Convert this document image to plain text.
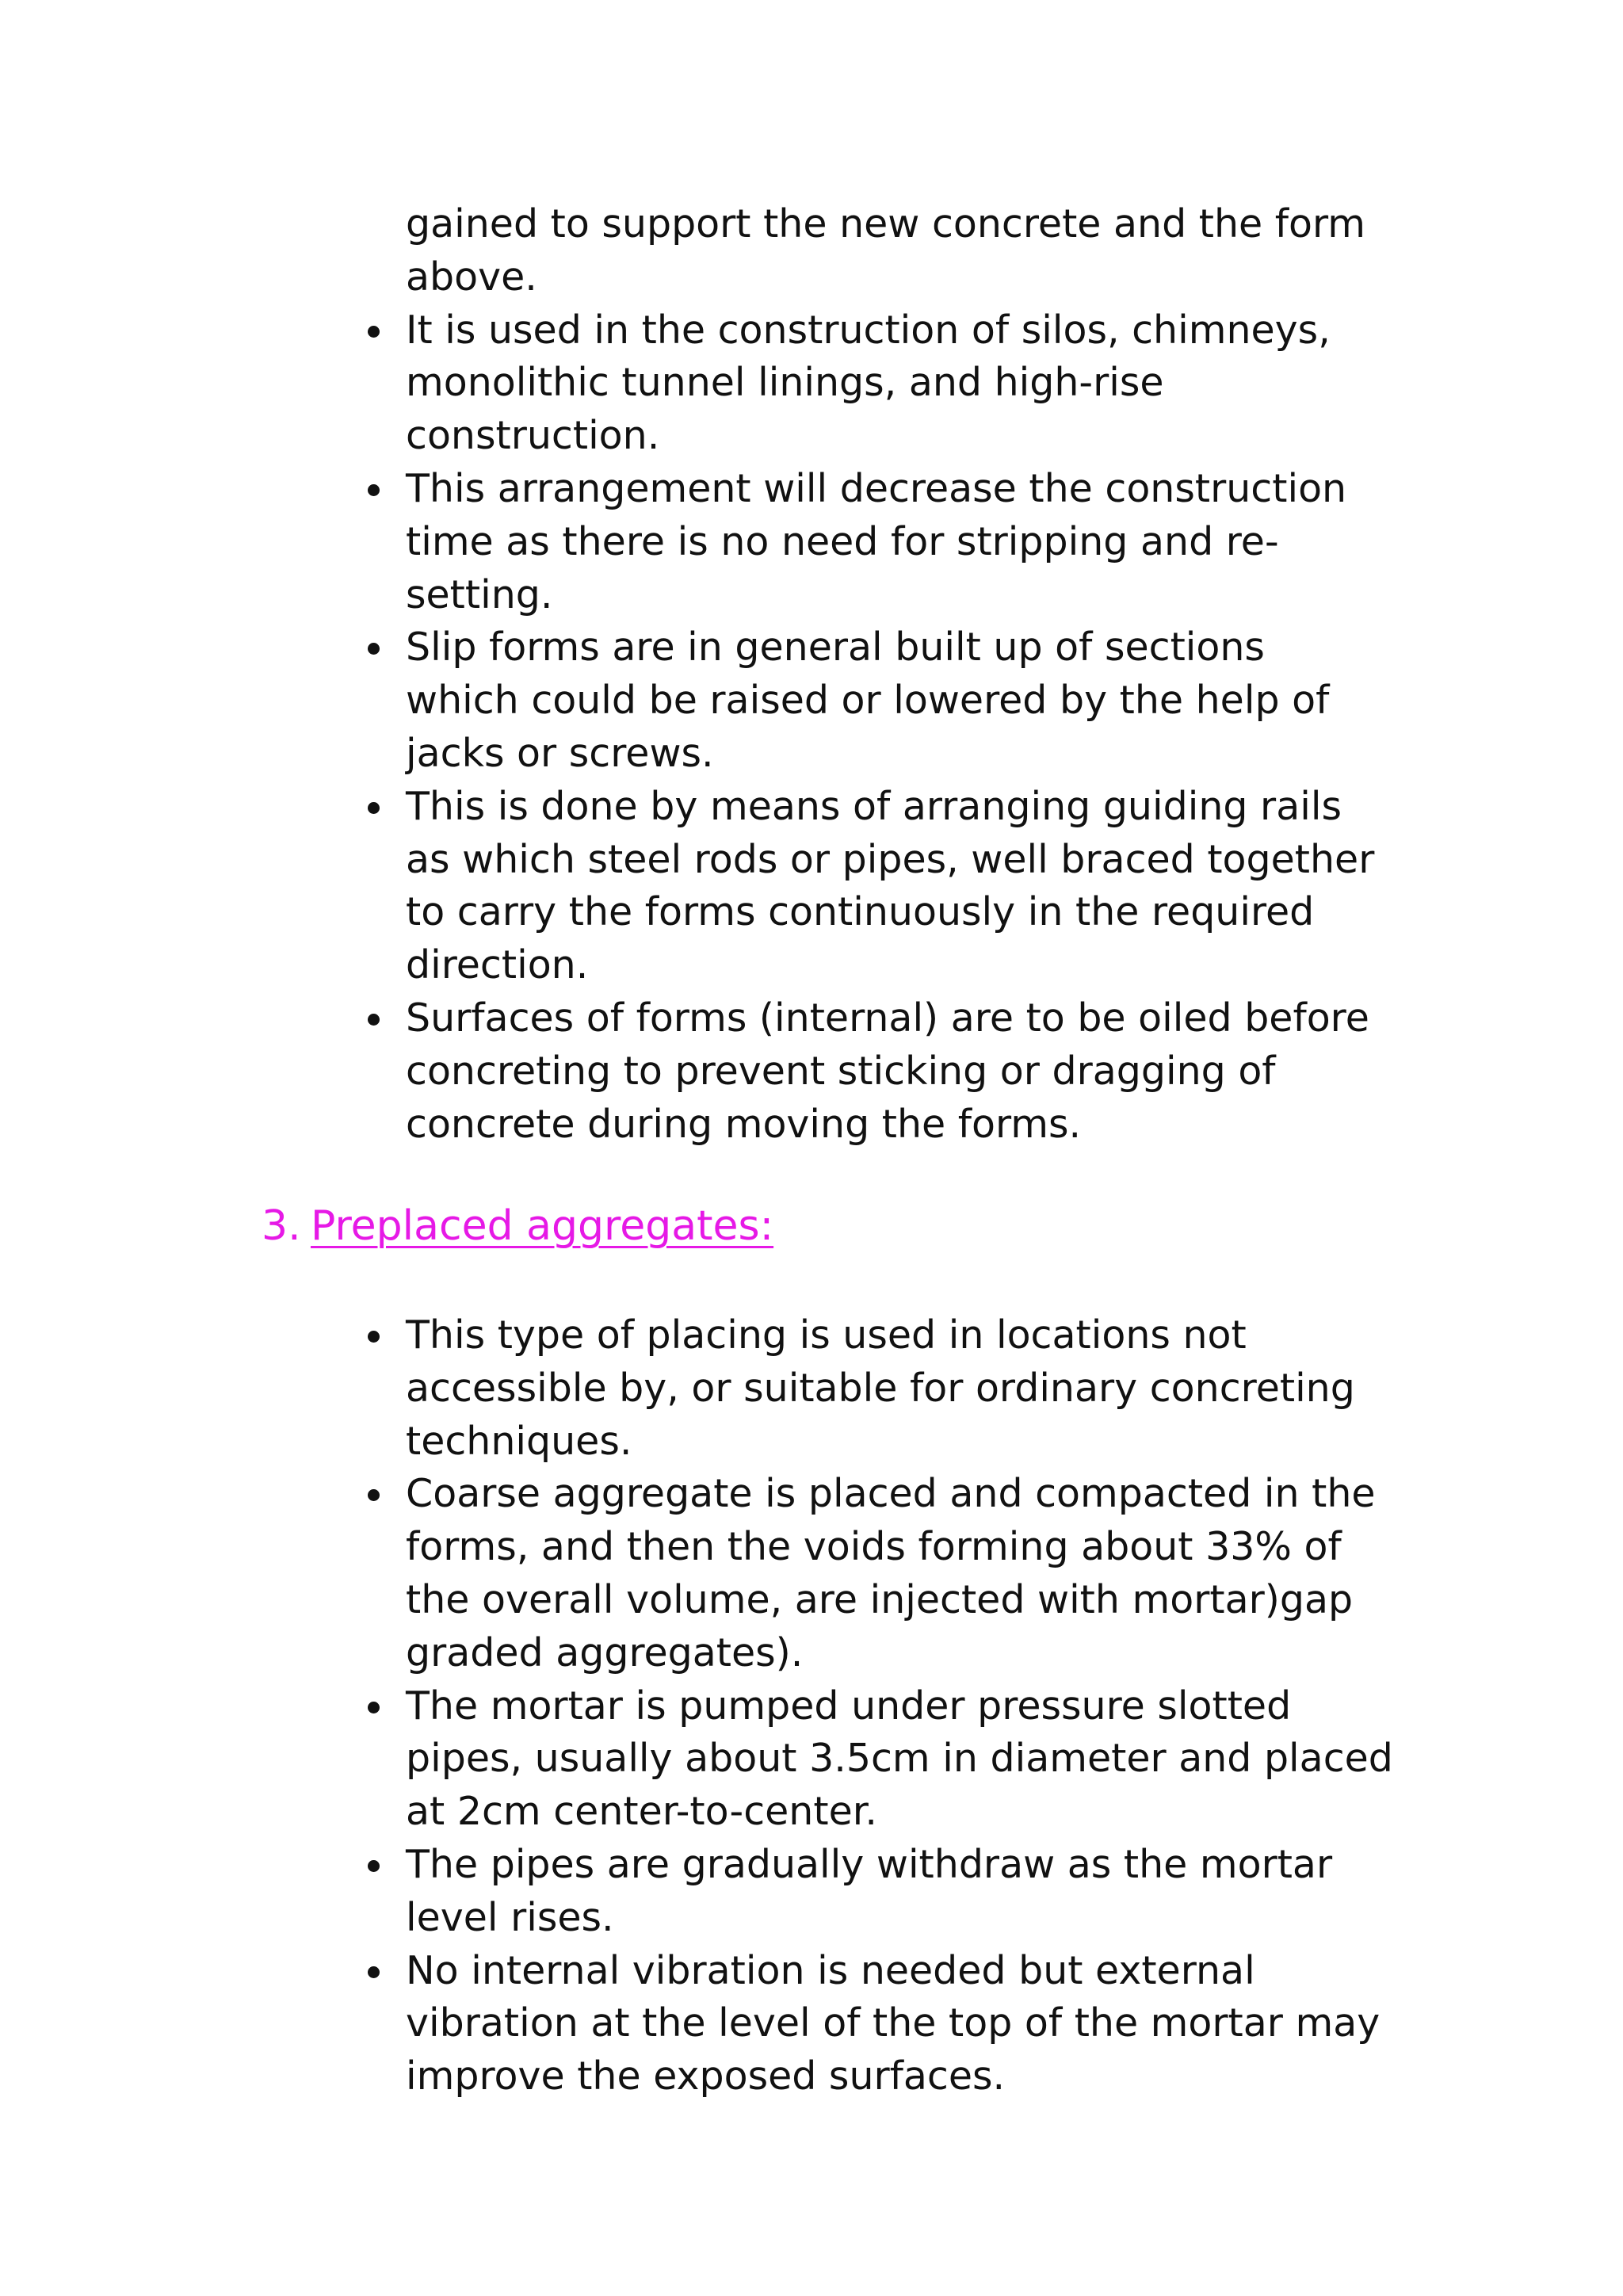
gained to support the new concrete and the form
above.
It is used in the construction of silos, chimneys,
monolithic tunnel linings, and high-rise
construction.
This arrangement will decrease the construction
time as there is no need for stripping and re-
setting.
Slip forms are in general built up of sections
which could be raised or lowered by the help of
jacks or screws.
This is done by means of arranging guiding rails
as which steel rods or pipes, well braced together
to carry the forms continuously in the required
direction.
Surfaces of forms (internal) are to be oiled before
concreting to prevent sticking or dragging of
concrete during moving the forms.
3. Preplaced aggregates:
This type of placing is used in locations not
accessible by, or suitable for ordinary concreting
techniques.
Coarse aggregate is placed and compacted in the
forms, and then the voids forming about 33% of
the overall volume, are injected with mortar)gap
graded aggregates).
The mortar is pumped under pressure slotted
pipes, usually about 3.5cm in diameter and placed
at 2cm center-to-center.
The pipes are gradually withdraw as the mortar
level rises.
No internal vibration is needed but external
vibration at the level of the top of the mortar may
improve the exposed surfaces.
